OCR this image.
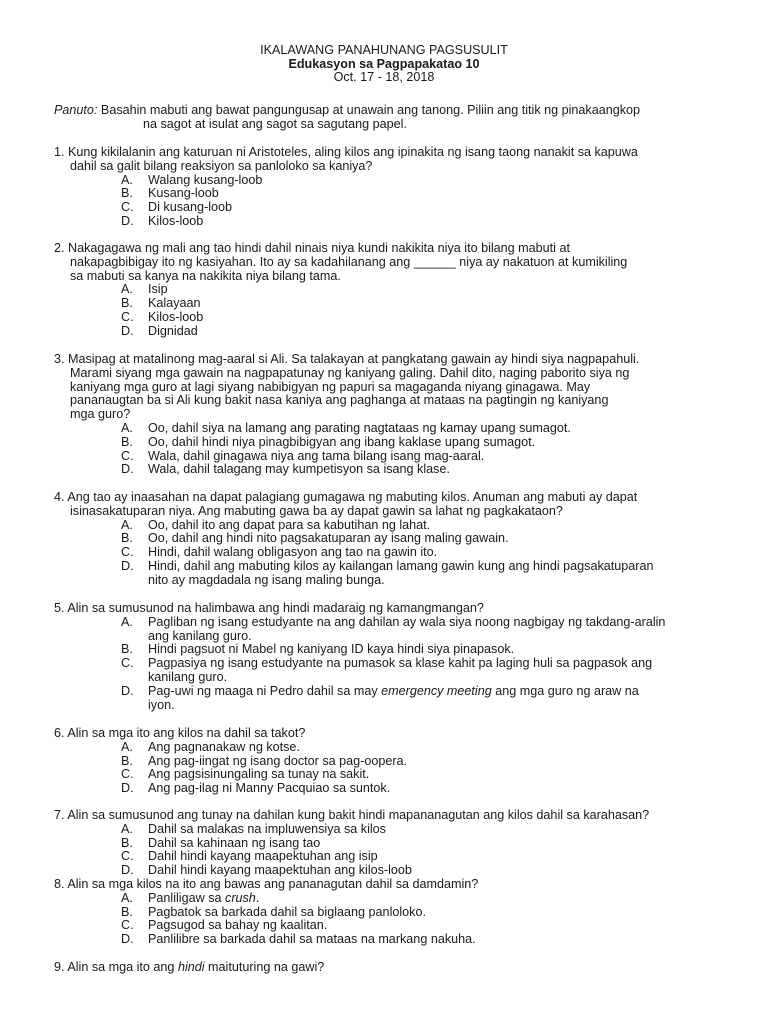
IKALAWANG PANAHUNANG PAGSUSULIT
Edukasyon sa Pagpapakatao 10
Oct. 17 - 18, 2018
Panuto: Basahin mabuti ang bawat pangungusap at unawain ang tanong. Piliin ang titik ng pinakaangkop
na sagot at isulat ang sagot sa sagutang papel.
1. Kung kikilalanin ang katuruan ni Aristoteles, aling kilos ang ipinakita ng isang taong nanakit sa kapuwa
dahil sa galit bilang reaksiyon sa panloloko sa kaniya?
A.	Walang kusang-loob
B.	Kusang-loob
C.	Di kusang-loob
D.	Kilos-loob
2. Nakagagawa ng mali ang tao hindi dahil ninais niya kundi nakikita niya ito bilang mabuti at
nakapagbibigay ito ng kasiyahan. Ito ay sa kadahilanang ang ______ niya ay nakatuon at kumikiling
sa mabuti sa kanya na nakikita niya bilang tama.
A.	Isip
B.	Kalayaan
C.	Kilos-loob
D.	Dignidad
3. Masipag at matalinong mag-aaral si Ali. Sa talakayan at pangkatang gawain ay hindi siya nagpapahuli.
Marami siyang mga gawain na nagpapatunay ng kaniyang galing. Dahil dito, naging paborito siya ng
kaniyang mga guro at lagi siyang nabibigyan ng papuri sa magaganda niyang ginagawa. May
pananaugtan ba si Ali kung bakit nasa kaniya ang paghanga at mataas na pagtingin ng kaniyang
mga guro?
A.	Oo, dahil siya na lamang ang parating nagtataas ng kamay upang sumagot.
B.	Oo, dahil hindi niya pinagbibigyan ang ibang kaklase upang sumagot.
C.	Wala, dahil ginagawa niya ang tama bilang isang mag-aaral.
D.	Wala, dahil talagang may kumpetisyon sa isang klase.
4. Ang tao ay inaasahan na dapat palagiang gumagawa ng mabuting kilos. Anuman ang mabuti ay dapat
isinasakatuparan niya. Ang mabuting gawa ba ay dapat gawin sa lahat ng pagkakataon?
A.	Oo, dahil ito ang dapat para sa kabutihan ng lahat.
B.	Oo, dahil ang hindi nito pagsakatuparan ay isang maling gawain.
C.	Hindi, dahil walang obligasyon ang tao na gawin ito.
D.	Hindi, dahil ang mabuting kilos ay kailangan lamang gawin kung ang hindi pagsakatuparan
nito ay magdadala ng isang maling bunga.
5. Alin sa sumusunod na halimbawa ang hindi madaraig ng kamangmangan?
A.	Pagliban ng isang estudyante na ang dahilan ay wala siya noong nagbigay ng takdang-aralin
ang kanilang guro.
B.	Hindi pagsuot ni Mabel ng kaniyang ID kaya hindi siya pinapasok.
C.	Pagpasiya ng isang estudyante na pumasok sa klase kahit pa laging huli sa pagpasok ang
kanilang guro.
D.	Pag-uwi ng maaga ni Pedro dahil sa may emergency meeting ang mga guro ng araw na
iyon.
6. Alin sa mga ito ang kilos na dahil sa takot?
A.	Ang pagnanakaw ng kotse.
B.	Ang pag-iingat ng isang doctor sa pag-oopera.
C.	Ang pagsisinungaling sa tunay na sakit.
D.	Ang pag-ilag ni Manny Pacquiao sa suntok.
7. Alin sa sumusunod ang tunay na dahilan kung bakit hindi mapananagutan ang kilos dahil sa karahasan?
A.	Dahil sa malakas na impluwensiya sa kilos
B.	Dahil sa kahinaan ng isang tao
C.	Dahil hindi kayang maapektuhan ang isip
D.	Dahil hindi kayang maapektuhan ang kilos-loob
8. Alin sa mga kilos na ito ang bawas ang pananagutan dahil sa damdamin?
A.	Panliligaw sa crush.
B.	Pagbatok sa barkada dahil sa biglaang panloloko.
C.	Pagsugod sa bahay ng kaalitan.
D.	Panlilibre sa barkada dahil sa mataas na markang nakuha.
9. Alin sa mga ito ang hindi maituturing na gawi?
